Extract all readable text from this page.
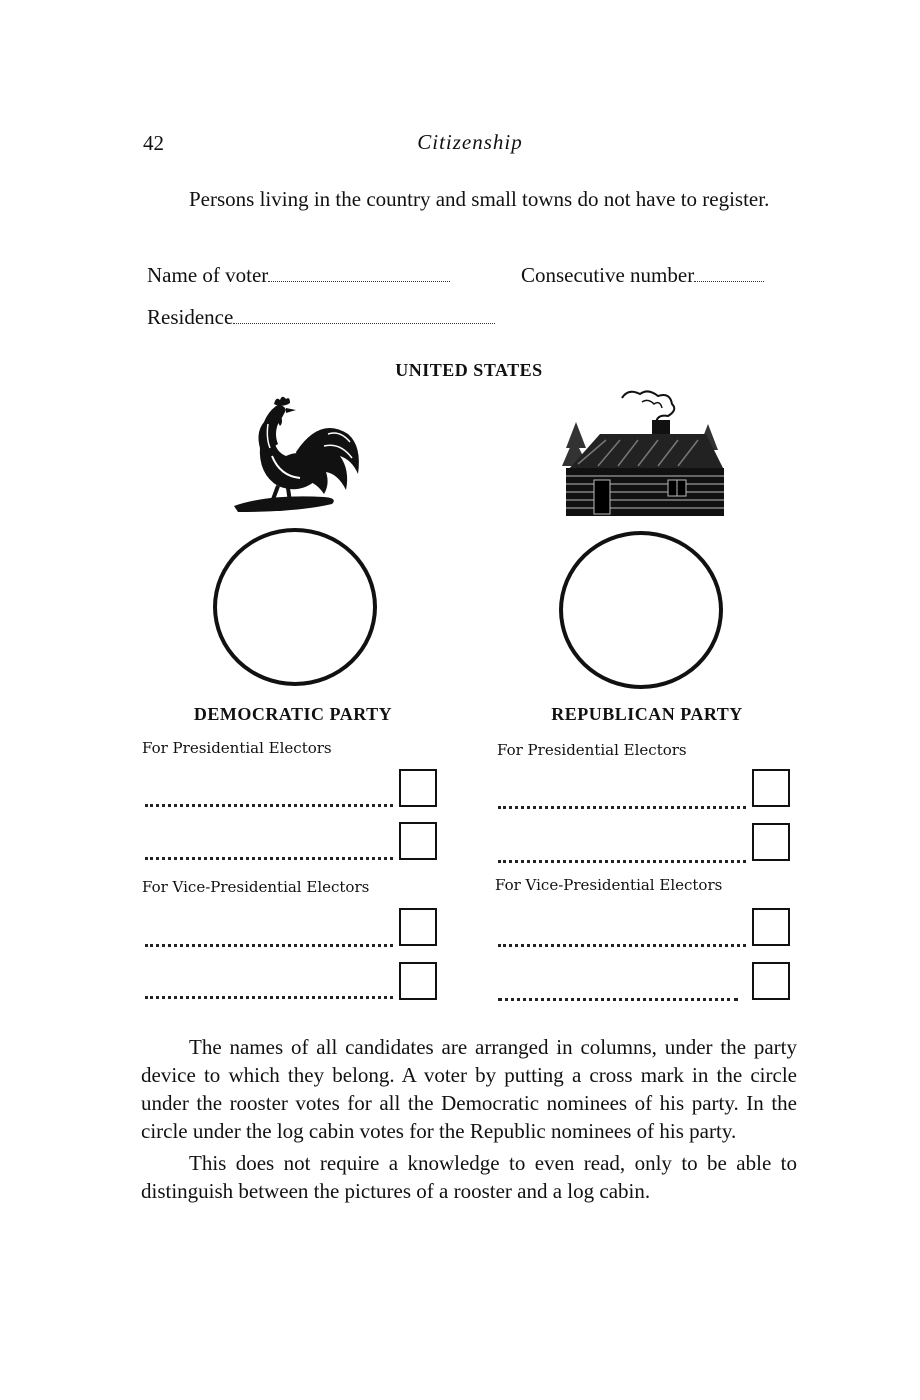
42	Citizenship

Persons living in the country and small towns do not have to register.

Name of voter	Consecutive number
Residence
UNITED STATES
DEMOCRATIC PARTY
For Presidential Electors
For Vice-Presidential Electors
REPUBLICAN PARTY
For Presidential Electors
For Vice-Presidential Electors

The names of all candidates are arranged in columns, under the party device to which they belong. A voter by putting a cross mark in the circle under the rooster votes for all the Democratic nominees of his party. In the circle under the log cabin votes for the Republic nominees of his party.

This does not require a knowledge to even read, only to be able to distinguish between the pictures of a rooster and a log cabin.
